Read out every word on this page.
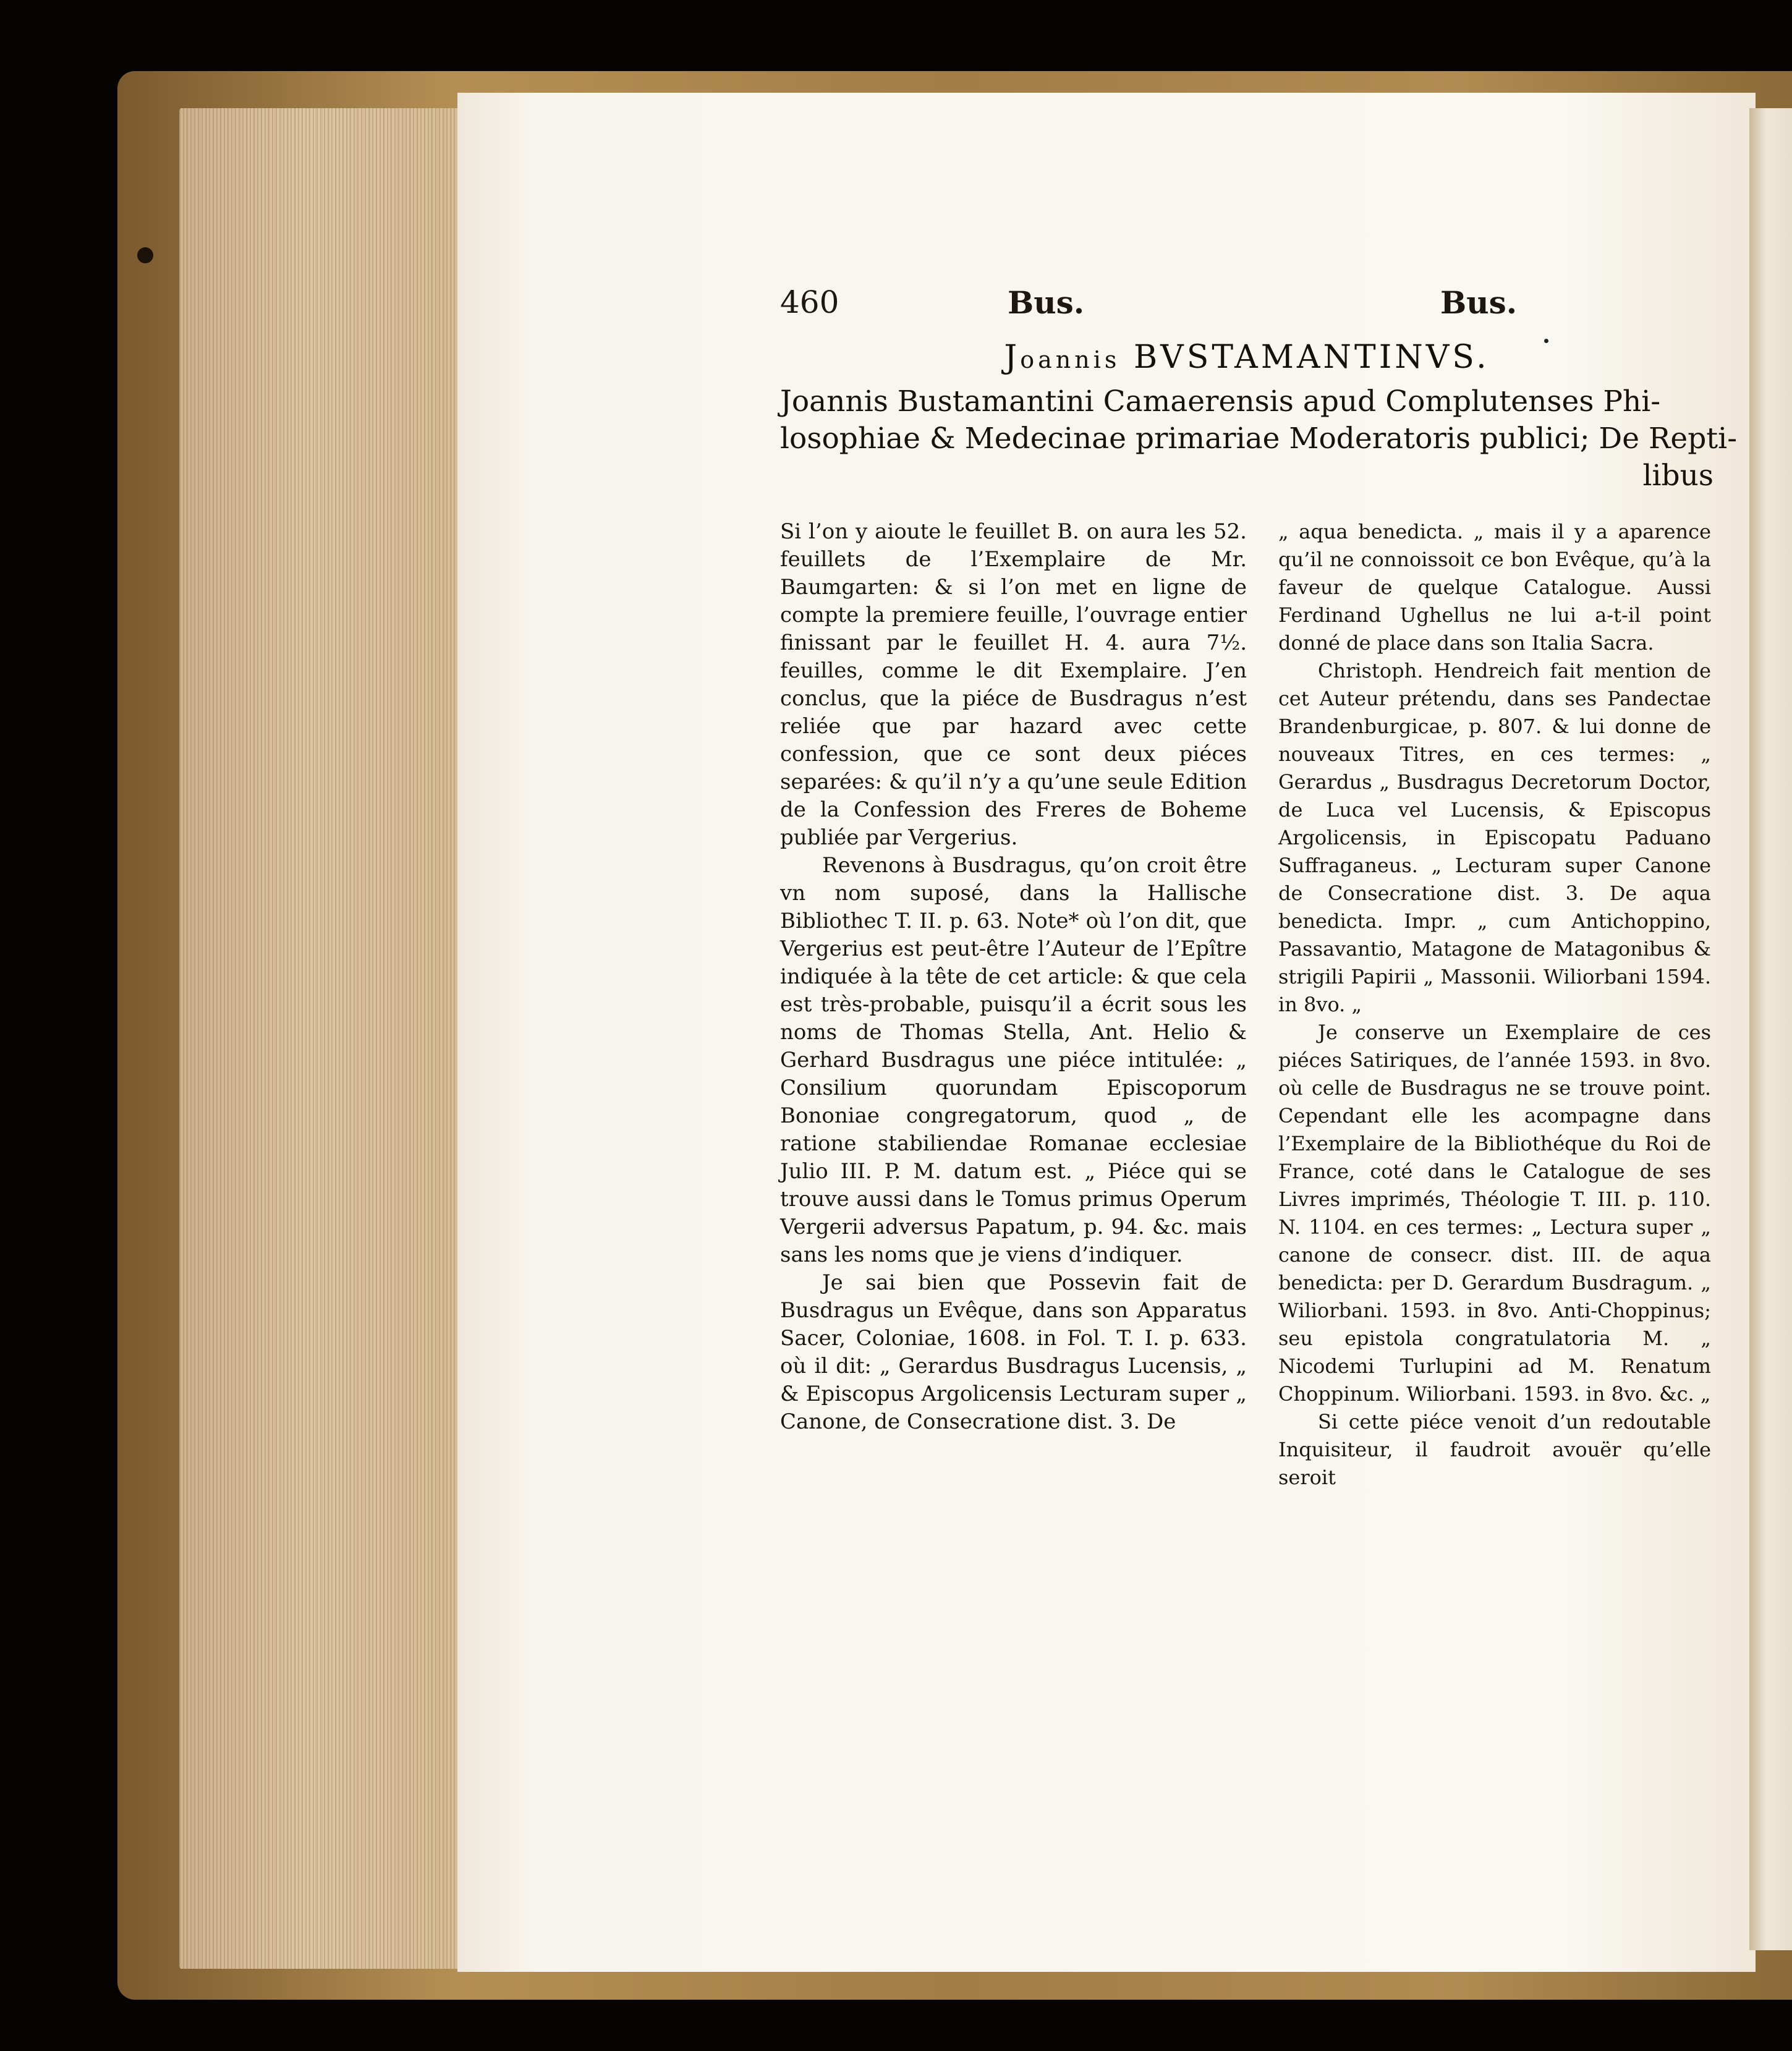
460	Bus.	Bus.
Joannis BVSTAMANTINVS.
Joannis Bustamantini Camaerensis apud Complutenses Phi-
losophiae & Medecinae primariae Moderatoris publici; De Repti-
libus

Si l’on y aioute le feuillet B. on aura les 52. feuillets de l’Exemplaire de Mr. Baumgarten: & si l’on met en ligne de compte la premiere feuille, l’ouvrage entier finissant par le feuillet H. 4. aura 7½. feuilles, comme le dit Exemplaire. J’en conclus, que la piéce de Busdragus n’est reliée que par hazard avec cette confession, que ce sont deux piéces separées: & qu’il n’y a qu’une seule Edition de la Confession des Freres de Boheme publiée par Vergerius.

Revenons à Busdragus, qu’on croit être vn nom suposé, dans la Hallische Bibliothec T. II. p. 63. Note* où l’on dit, que Vergerius est peut-être l’Auteur de l’Epître indiquée à la tête de cet article: & que cela est très-probable, puisqu’il a écrit sous les noms de Thomas Stella, Ant. Helio & Gerhard Busdragus une piéce intitulée: „ Consilium quorundam Episcoporum Bononiae congregatorum, quod „ de ratione stabiliendae Romanae ecclesiae Julio III. P. M. datum est. „ Piéce qui se trouve aussi dans le Tomus primus Operum Vergerii adversus Papatum, p. 94. &c. mais sans les noms que je viens d’indiquer.

Je sai bien que Possevin fait de Busdragus un Evêque, dans son Apparatus Sacer, Coloniae, 1608. in Fol. T. I. p. 633. où il dit: „ Gerardus Busdragus Lucensis, „ & Episcopus Argolicensis Lecturam super „ Canone, de Consecratione dist. 3. De

„ aqua benedicta. „ mais il y a aparence qu’il ne connoissoit ce bon Evêque, qu’à la faveur de quelque Catalogue. Aussi Ferdinand Ughellus ne lui a-t-il point donné de place dans son Italia Sacra.

Christoph. Hendreich fait mention de cet Auteur prétendu, dans ses Pandectae Brandenburgicae, p. 807. & lui donne de nouveaux Titres, en ces termes: „ Gerardus „ Busdragus Decretorum Doctor, de Luca vel Lucensis, & Episcopus Argolicensis, in Episcopatu Paduano Suffraganeus. „ Lecturam super Canone de Consecratione dist. 3. De aqua benedicta. Impr. „ cum Antichoppino, Passavantio, Matagone de Matagonibus & strigili Papirii „ Massonii. Wiliorbani 1594. in 8vo. „

Je conserve un Exemplaire de ces piéces Satiriques, de l’année 1593. in 8vo. où celle de Busdragus ne se trouve point. Cependant elle les acompagne dans l’Exemplaire de la Bibliothéque du Roi de France, coté dans le Catalogue de ses Livres imprimés, Théologie T. III. p. 110. N. 1104. en ces termes: „ Lectura super „ canone de consecr. dist. III. de aqua benedicta: per D. Gerardum Busdragum. „ Wiliorbani. 1593. in 8vo. Anti-Choppinus; seu epistola congratulatoria M. „ Nicodemi Turlupini ad M. Renatum Choppinum. Wiliorbani. 1593. in 8vo. &c. „

Si cette piéce venoit d’un redoutable Inquisiteur, il faudroit avouër qu’elle seroit
